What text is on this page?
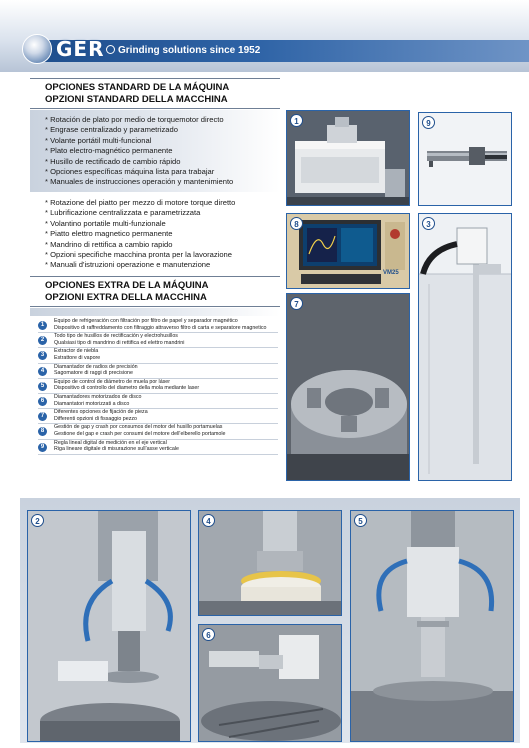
GER Grinding solutions since 1952
OPCIONES STANDARD DE LA MÁQUINA
OPZIONI STANDARD DELLA MACCHINA
* Rotación de plato por medio de torquemotor directo
* Engrase centralizado y parametrizado
* Volante portátil multi-funcional
* Plato electro-magnético permanente
* Husillo de rectificado de cambio rápido
* Opciones específicas máquina lista para trabajar
* Manuales de instrucciones operación y mantenimiento
* Rotazione del piatto per mezzo di motore torque diretto
* Lubrificazione centralizzata e parametrizzata
* Volantino portatile multi-funzionale
* Piatto elettro magnetico permanente
* Mandrino di rettifica a cambio rapido
* Opzioni specifiche macchina pronta per la lavorazione
* Manuali d'istruzioni operazione e manutenzione
OPCIONES EXTRA DE LA MÁQUINA
OPZIONI EXTRA DELLA MACCHINA
1
Equipo de refrigeración con filtración por filtro de papel y separador magnético
Dispositivo di raffreddamento con filtraggio attraverso filtro di carta e separatore magnetico
2
Todo tipo de husillos de rectificación y electrohusillos
Qualsiasi tipo di mandrino di rettifica ed elettro mandrini
3
Extractor de niebla
Estrattore di vapore
4
Diamantador de radios de precisión
Sagomatore di raggi di precisione
5
Equipo de control de diámetro de muela por láser
Dispositivo di controllo del diametro della mola mediante laser
6
Diamantadores motorizados de disco
Diamantatori motorizzati a disco
7
Diferentes opciones de fijación de pieza
Differenti opzioni di fissaggio pezzo
8
Gestión de gap y crash por consumos del motor del husillo portamuelas
Gestione del gap e crash per consumi del motore dell'elberello portamole
9
Regla lineal digital de medición en el eje vertical
Riga lineare digitale di misurazione sull'asse verticale
1	9
8
VM25
3
7
2	4
6
5
